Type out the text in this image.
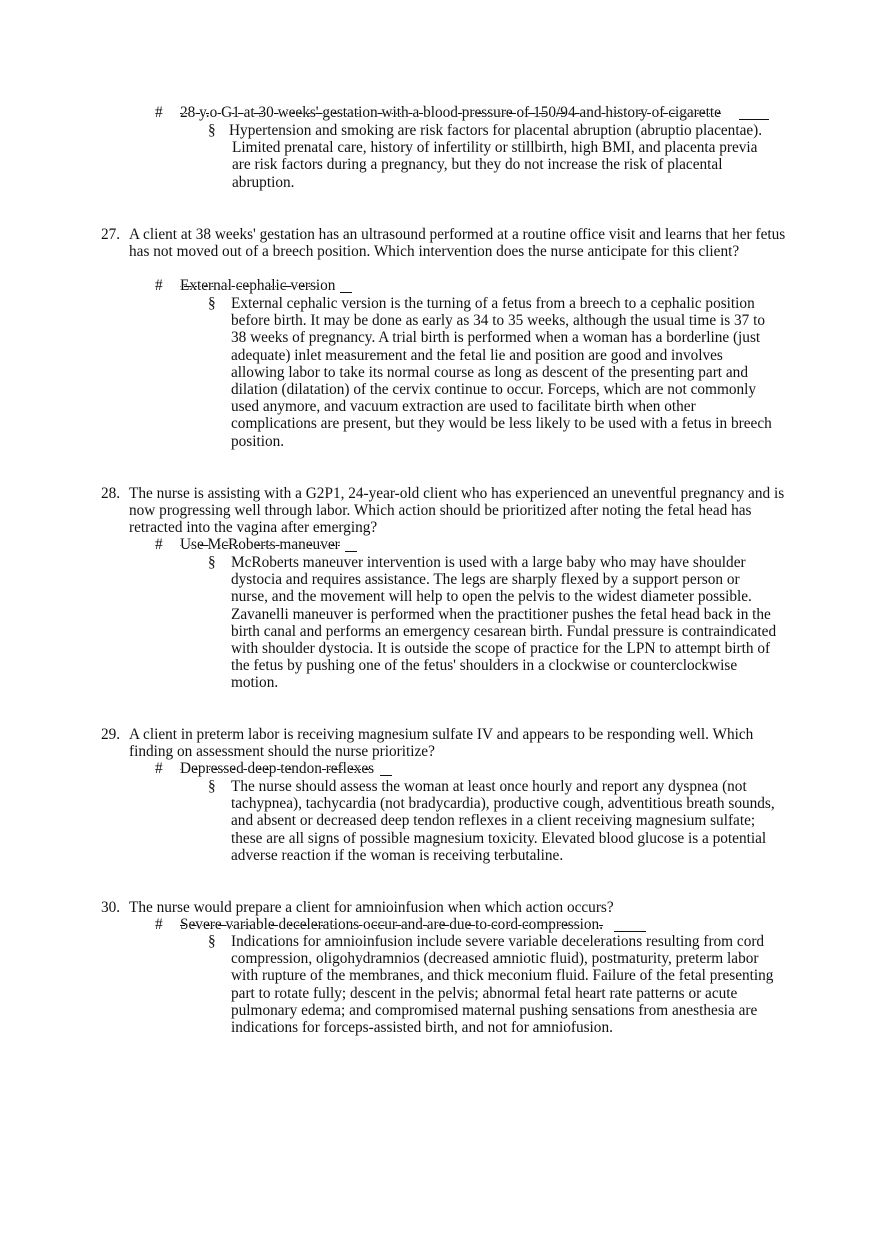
# 28 y.o G1 at 30 weeks' gestation with a blood pressure of 150/94 and history of cigarette
§ Hypertension and smoking are risk factors for placental abruption (abruptio placentae). Limited prenatal care, history of infertility or stillbirth, high BMI, and placenta previa are risk factors during a pregnancy, but they do not increase the risk of placental abruption.
27. A client at 38 weeks' gestation has an ultrasound performed at a routine office visit and learns that her fetus has not moved out of a breech position. Which intervention does the nurse anticipate for this client?
# External cephalic version
§ External cephalic version is the turning of a fetus from a breech to a cephalic position before birth. It may be done as early as 34 to 35 weeks, although the usual time is 37 to 38 weeks of pregnancy. A trial birth is performed when a woman has a borderline (just adequate) inlet measurement and the fetal lie and position are good and involves allowing labor to take its normal course as long as descent of the presenting part and dilation (dilatation) of the cervix continue to occur. Forceps, which are not commonly used anymore, and vacuum extraction are used to facilitate birth when other complications are present, but they would be less likely to be used with a fetus in breech position.
28. The nurse is assisting with a G2P1, 24-year-old client who has experienced an uneventful pregnancy and is now progressing well through labor. Which action should be prioritized after noting the fetal head has retracted into the vagina after emerging?
# Use McRoberts maneuver
§ McRoberts maneuver intervention is used with a large baby who may have shoulder dystocia and requires assistance. The legs are sharply flexed by a support person or nurse, and the movement will help to open the pelvis to the widest diameter possible. Zavanelli maneuver is performed when the practitioner pushes the fetal head back in the birth canal and performs an emergency cesarean birth. Fundal pressure is contraindicated with shoulder dystocia. It is outside the scope of practice for the LPN to attempt birth of the fetus by pushing one of the fetus' shoulders in a clockwise or counterclockwise motion.
29. A client in preterm labor is receiving magnesium sulfate IV and appears to be responding well. Which finding on assessment should the nurse prioritize?
# Depressed deep tendon reflexes
§ The nurse should assess the woman at least once hourly and report any dyspnea (not tachypnea), tachycardia (not bradycardia), productive cough, adventitious breath sounds, and absent or decreased deep tendon reflexes in a client receiving magnesium sulfate; these are all signs of possible magnesium toxicity. Elevated blood glucose is a potential adverse reaction if the woman is receiving terbutaline.
30. The nurse would prepare a client for amnioinfusion when which action occurs?
# Severe variable decelerations occur and are due to cord compression.
§ Indications for amnioinfusion include severe variable decelerations resulting from cord compression, oligohydramnios (decreased amniotic fluid), postmaturity, preterm labor with rupture of the membranes, and thick meconium fluid. Failure of the fetal presenting part to rotate fully; descent in the pelvis; abnormal fetal heart rate patterns or acute pulmonary edema; and compromised maternal pushing sensations from anesthesia are indications for forceps-assisted birth, and not for amniofusion.
